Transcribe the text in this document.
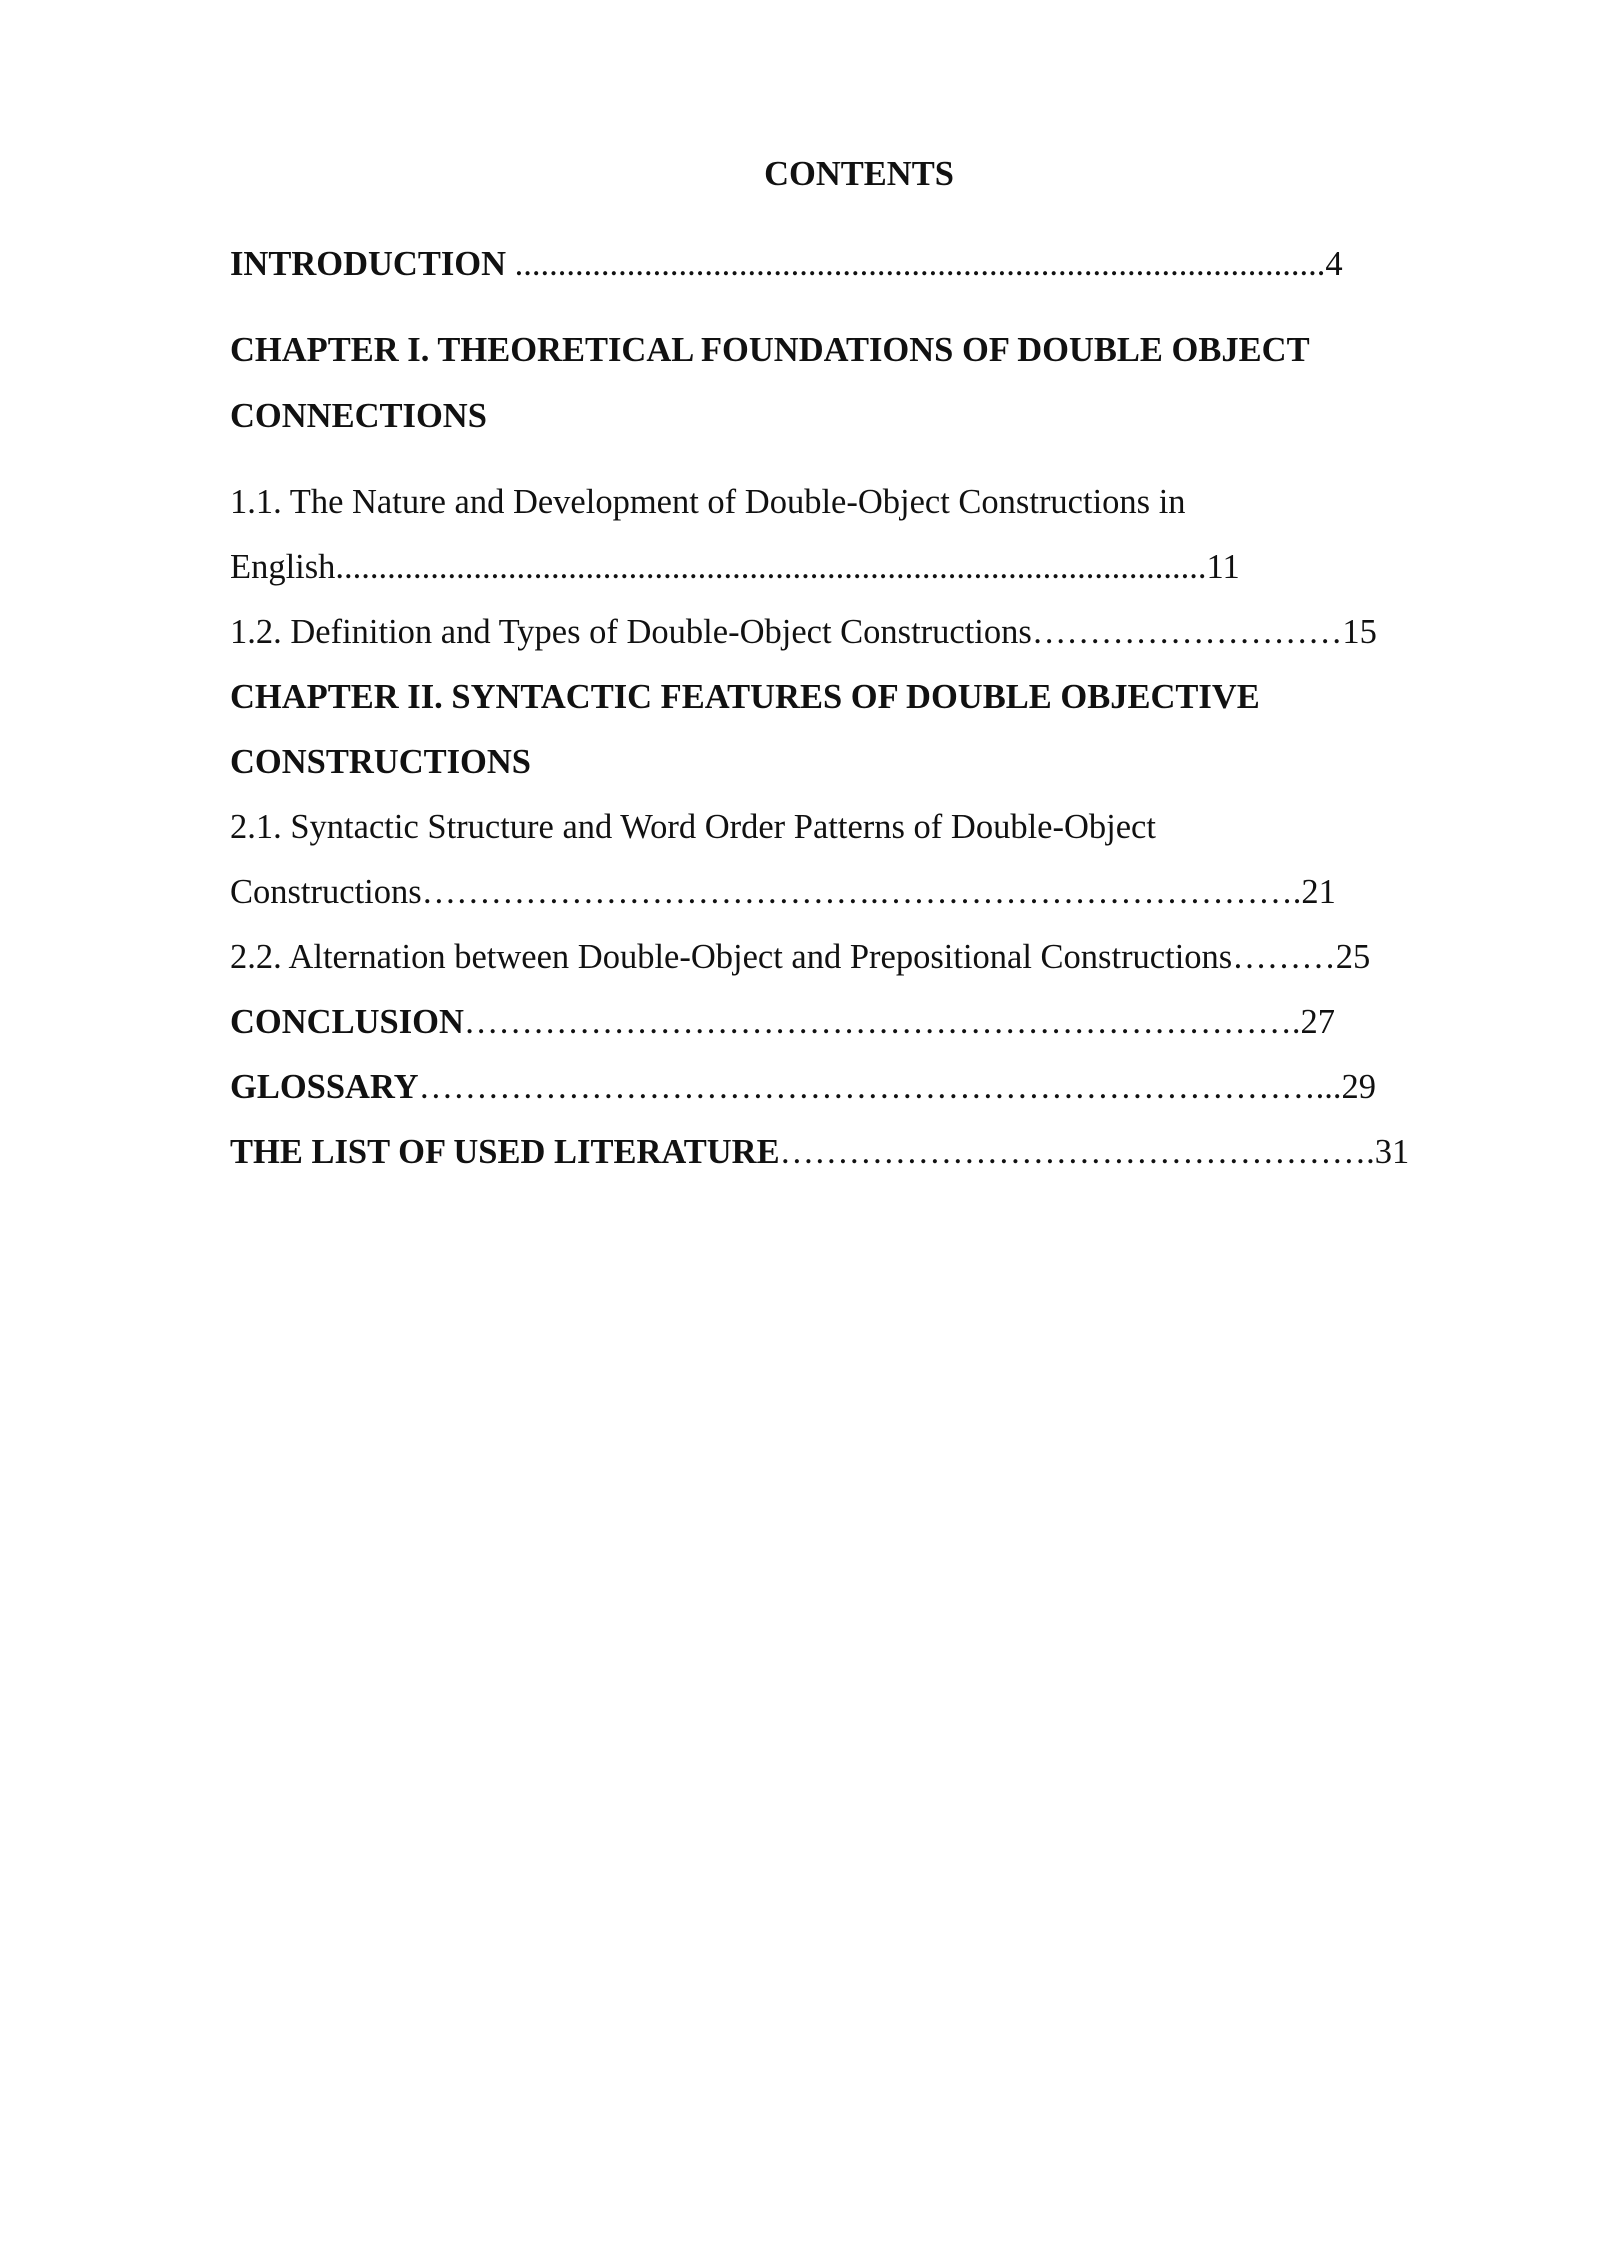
CONTENTS
INTRODUCTION ..............................................................................................4
CHAPTER I. THEORETICAL FOUNDATIONS OF DOUBLE OBJECT
CONNECTIONS
1.1. The Nature and Development of Double-Object Constructions in
English.....................................................................................................11
1.2. Definition and Types of Double-Object Constructions………………………15
CHAPTER II. SYNTACTIC FEATURES OF DOUBLE OBJECTIVE
CONSTRUCTIONS
2.1. Syntactic Structure and Word Order Patterns of Double-Object
Constructions………………………………….……………………………….21
2.2. Alternation between Double-Object and Prepositional Constructions………25
CONCLUSION……………………………………………………………….27
GLOSSARY……………………………………………………………………...29
THE LIST OF USED LITERATURE…………………………………………….31
